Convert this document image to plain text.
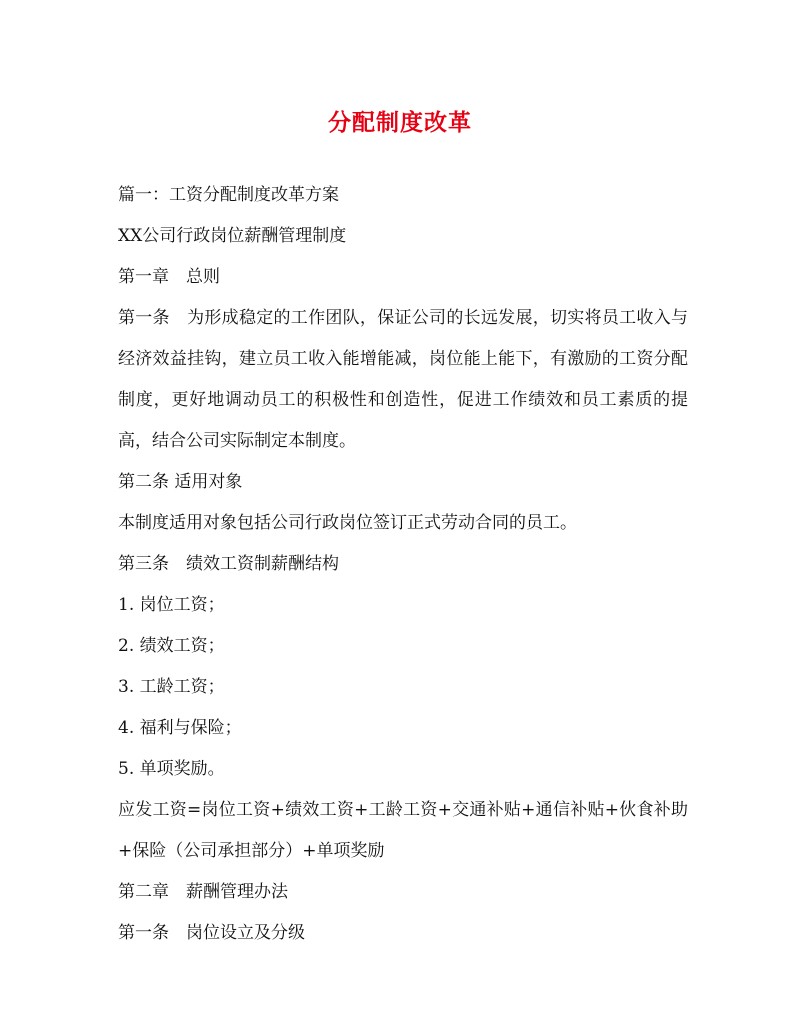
分配制度改革

篇一：工资分配制度改革方案

XX公司行政岗位薪酬管理制度

第一章　总则

第一条　为形成稳定的工作团队，保证公司的长远发展，切实将员工收入与经济效益挂钩，建立员工收入能增能减，岗位能上能下，有激励的工资分配制度，更好地调动员工的积极性和创造性，促进工作绩效和员工素质的提高，结合公司实际制定本制度。

第二条 适用对象

本制度适用对象包括公司行政岗位签订正式劳动合同的员工。

第三条　绩效工资制薪酬结构

1. 岗位工资；

2. 绩效工资；

3. 工龄工资；

4. 福利与保险；

5. 单项奖励。

应发工资=岗位工资+绩效工资+工龄工资+交通补贴+通信补贴+伙食补助+保险（公司承担部分）+单项奖励

第二章　薪酬管理办法

第一条　岗位设立及分级
